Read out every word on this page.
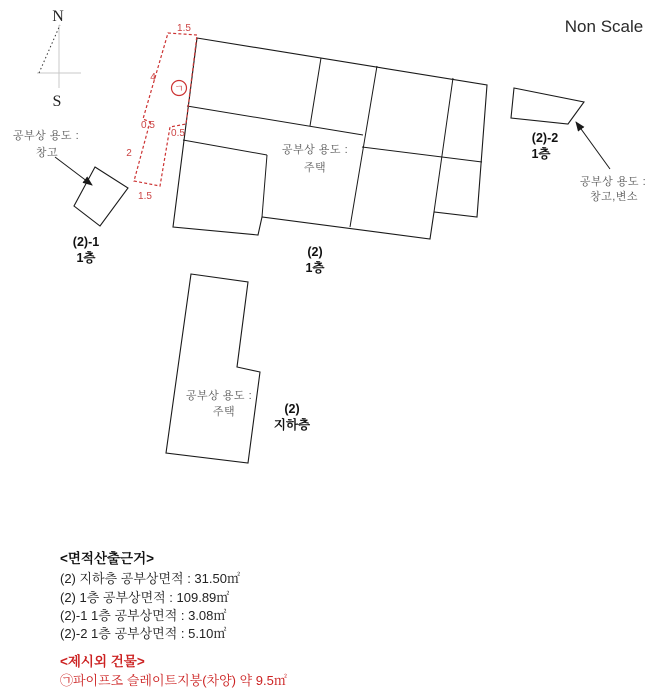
N
S
Non Scale
공부상 용도 :
주택
(2)
1층
ㄱ
1.5
4
0.5
0.5
2
1.5
공부상 용도 :
창고
(2)-1
1층
(2)-2
1층
공부상 용도 :
창고,변소
공부상 용도 :
주택	(2)
지하층
<면적산출근거>
(2) 지하층 공부상면적 : 31.50㎡
(2) 1층 공부상면적 : 109.89㎡
(2)-1 1층 공부상면적 : 3.08㎡
(2)-2 1층 공부상면적 : 5.10㎡
<제시외 건물>
㉠파이프조 슬레이트지붕(차양) 약 9.5㎡
